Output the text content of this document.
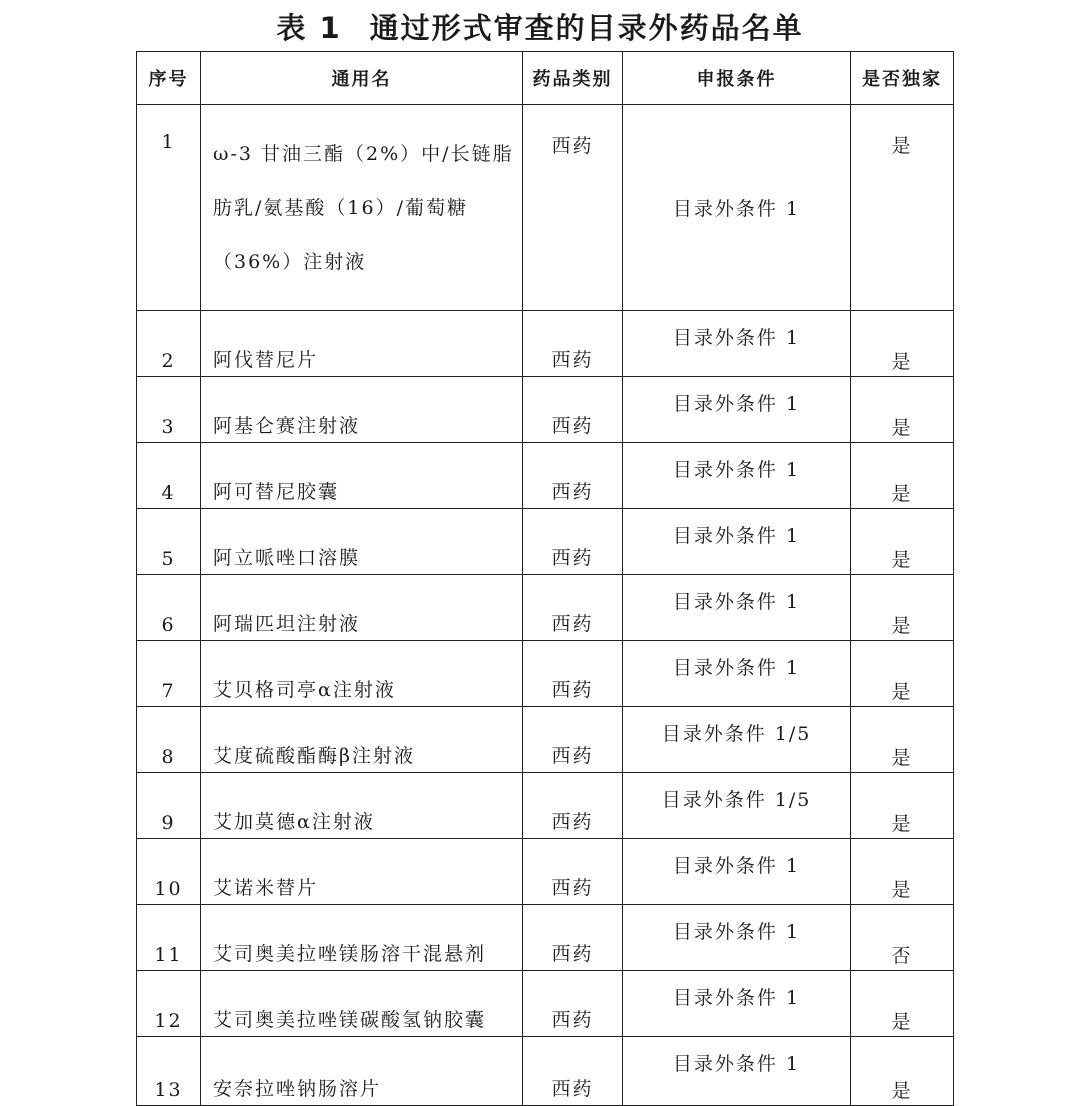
表 1 通过形式审查的目录外药品名单
序号	通用名	药品类别	申报条件	是否独家
1	ω-3 甘油三酯（2%）中/长链脂肪乳/氨基酸（16）/葡萄糖（36%）注射液	西药	目录外条件 1	是
2	阿伐替尼片	西药	目录外条件 1	是
3	阿基仑赛注射液	西药	目录外条件 1	是
4	阿可替尼胶囊	西药	目录外条件 1	是
5	阿立哌唑口溶膜	西药	目录外条件 1	是
6	阿瑞匹坦注射液	西药	目录外条件 1	是
7	艾贝格司亭α注射液	西药	目录外条件 1	是
8	艾度硫酸酯酶β注射液	西药	目录外条件 1/5	是
9	艾加莫德α注射液	西药	目录外条件 1/5	是
10	艾诺米替片	西药	目录外条件 1	是
11	艾司奥美拉唑镁肠溶干混悬剂	西药	目录外条件 1	否
12	艾司奥美拉唑镁碳酸氢钠胶囊	西药	目录外条件 1	是
13	安奈拉唑钠肠溶片	西药	目录外条件 1	是
